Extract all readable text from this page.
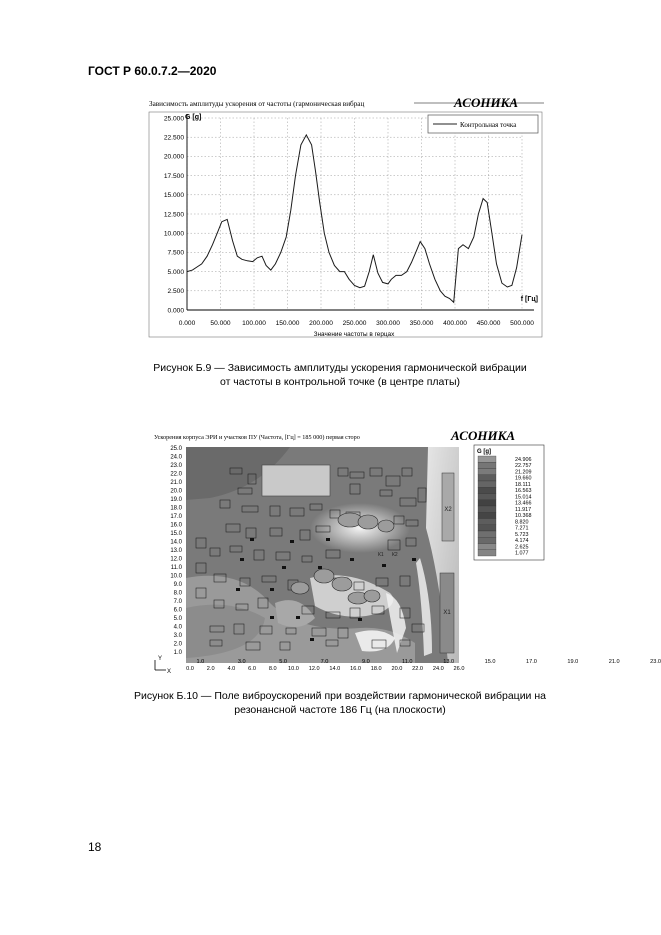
ГОСТ Р 60.0.7.2—2020
Зависимость амплитуды ускорения от частоты (гармоническая вибрац	АСОНИКА
25.000
22.500
20.000
17.500
15.000
12.500
10.000
7.500
5.000
2.500
0.000
0.000 50.000 100.000 150.000 200.000 250.000 300.000 350.000 400.000 450.000 500.000
G [g]
f [Гц]
Значение частоты в герцах
Контрольная точка
Рисунок Б.9 — Зависимость амплитуды ускорения гармонической вибрации от частоты в контрольной точке (в центре платы)
Ускорения корпуса ЭРИ и участков ПУ (Частота, [Гц] = 185 000) первая сторо	АСОНИКА
X2
X1
К1 К2
25.0
24.0
23.0
22.0
21.0
20.0
19.0
18.0
17.0
16.0
15.0
14.0
13.0
12.0
11.0
10.0
9.0
8.0
7.0
6.0
5.0
4.0
3.0
2.0
1.0
0.0 2.0 4.0 6.0 8.0 10.0 12.0 14.0 16.0 18.0 20.0 22.0 24.0 26.0
1.0	3.0	5.0	7.0	9.0	11.0	13.0	15.0	17.0	19.0	21.0	23.0
Y
X
G [g]
24.906
22.757
21.209
19.660
18.111
16.563
15.014
13.466
11.917
10.368
8.820
7.271
5.723
4.174
2.625
1.077
Рисунок Б.10 — Поле виброускорений при воздействии гармонической вибрации на резонансной частоте 186 Гц (на плоскости)
18
